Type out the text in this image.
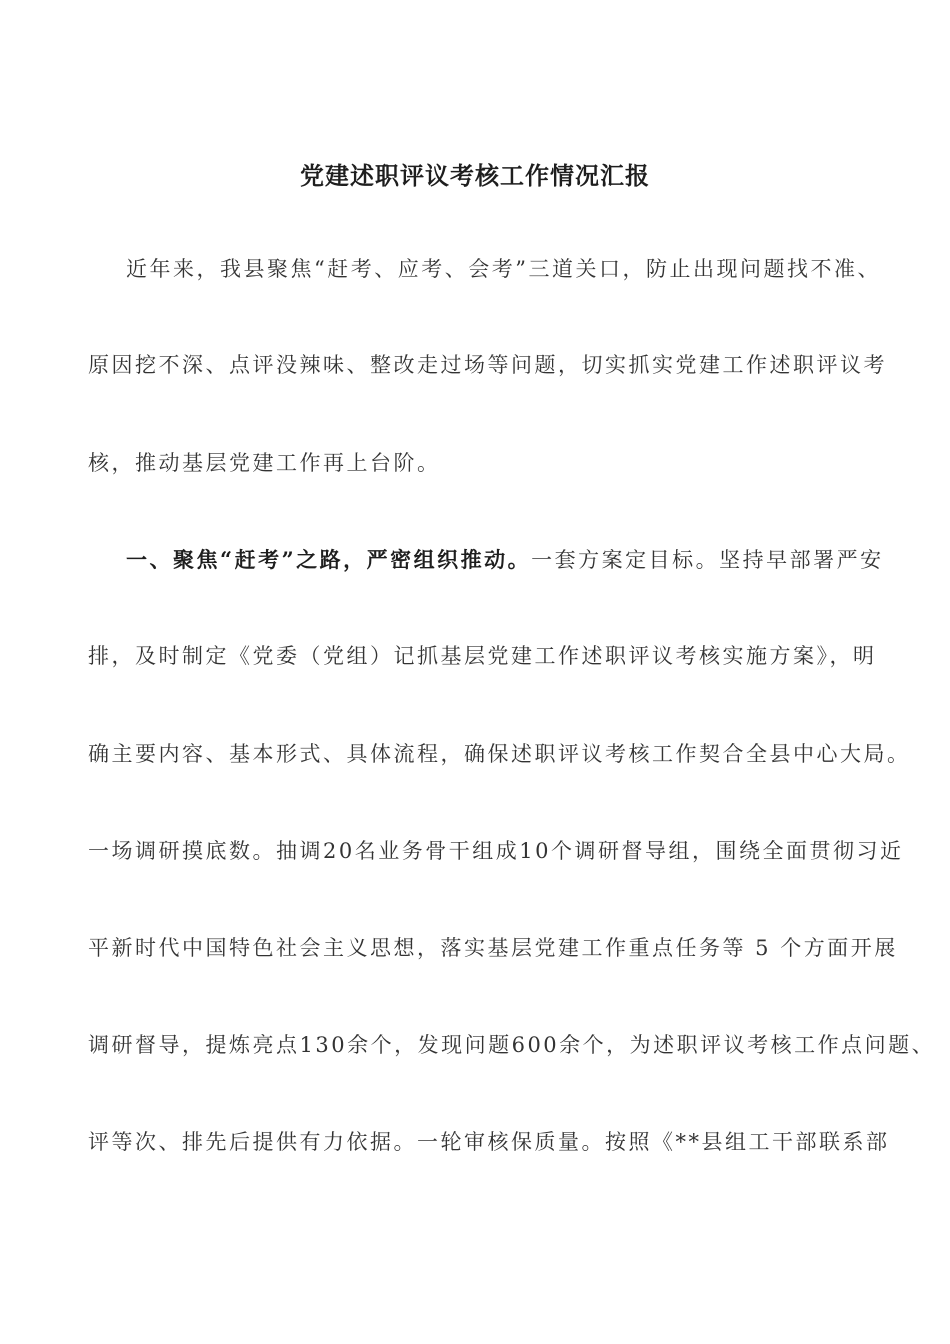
党建述职评议考核工作情况汇报
近年来，我县聚焦“赶考、应考、会考”三道关口，防止出现问题找不准、
原因挖不深、点评没辣味、整改走过场等问题，切实抓实党建工作述职评议考
核，推动基层党建工作再上台阶。
一、聚焦“赶考”之路，严密组织推动。一套方案定目标。坚持早部署严安
排，及时制定《党委（党组）记抓基层党建工作述职评议考核实施方案》，明
确主要内容、基本形式、具体流程，确保述职评议考核工作契合全县中心大局。
一场调研摸底数。抽调20名业务骨干组成10个调研督导组，围绕全面贯彻习近
平新时代中国特色社会主义思想，落实基层党建工作重点任务等 5 个方面开展
调研督导，提炼亮点130余个，发现问题600余个，为述职评议考核工作点问题、
评等次、排先后提供有力依据。一轮审核保质量。按照《**县组工干部联系部
